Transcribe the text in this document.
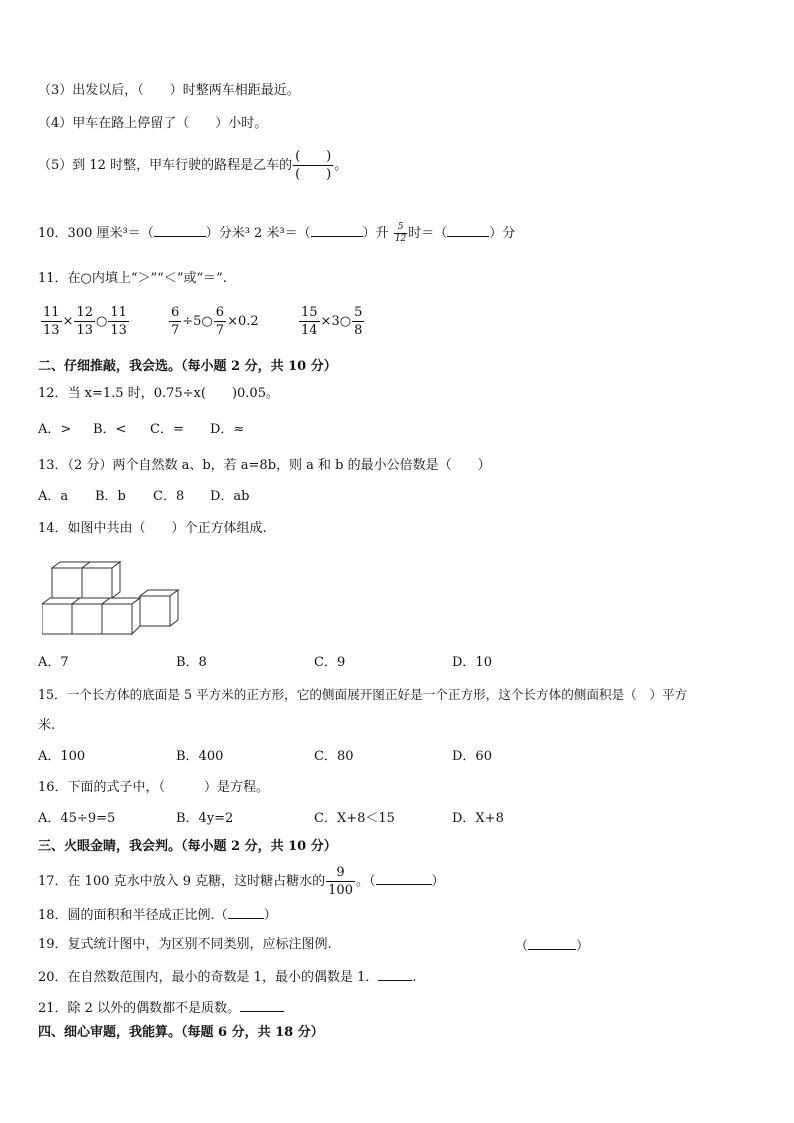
（3）出发以后，（　　）时整两车相距最近。
（4）甲车在路上停留了（　　）小时。
（5）到 12 时整，甲车行驶的路程是乙车的 $\frac{( )}{( )}$ 。
10．300 厘米³＝（	）分米³ 2 米³＝（	）升 $\frac{5}{12}$ 时＝（	）分
11．在○内填上“＞”“＜”或“＝”.
$\frac{11}{13} \times \frac{12}{13}$ ○ $\frac{11}{13}$	$\frac{6}{7}$ ÷5○ $\frac{6}{7} \times 0.2$	$\frac{15}{14}$ ×3○ $\frac{5}{8}$
二、仔细推敲，我会选。（每小题 2 分，共 10 分）
12．当 x=1.5 时，0.75÷x(　　)0.05。
A．> B．< C．= D．≈
13．（2 分）两个自然数 a、b，若 a=8b，则 a 和 b 的最小公倍数是（　　）
A．a B．b C．8 D．ab
14．如图中共由（　　）个正方体组成.
A．7	B．8	C．9	D．10
15．一个长方体的底面是 5 平方米的正方形，它的侧面展开图正好是一个正方形，这个长方体的侧面积是（　）平方
米.
A．100	B．400	C．80	D．60
16．下面的式子中，（　　　）是方程。
A．45÷9=5	B．4y=2	C．X+8＜15	D．X+8
三、火眼金睛，我会判。（每小题 2 分，共 10 分）
17．在 100 克水中放入 9 克糖，这时糖占糖水的 $\frac{9}{100}$ 。（	）
18．圆的面积和半径成正比例.（	）
19．复式统计图中，为区别不同类别，应标注图例.	（	）
20．在自然数范围内，最小的奇数是 1，最小的偶数是 1．	.
21．除 2 以外的偶数都不是质数。
四、细心审题，我能算。（每题 6 分，共 18 分）
